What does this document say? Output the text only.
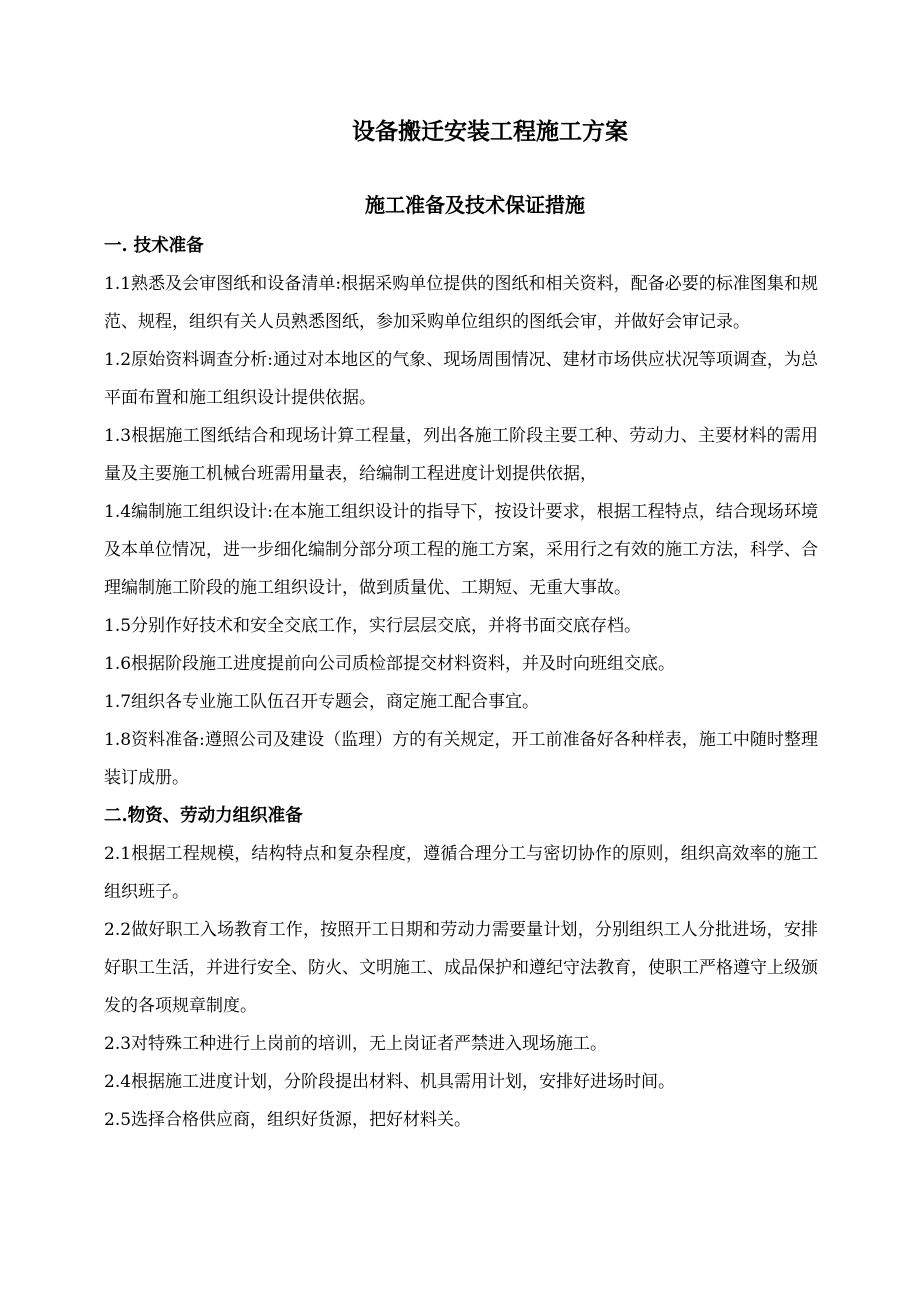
设备搬迁安装工程施工方案
施工准备及技术保证措施

一. 技术准备

1.1熟悉及会审图纸和设备清单:根据采购单位提供的图纸和相关资料，配备必要的标准图集和规范、规程，组织有关人员熟悉图纸，参加采购单位组织的图纸会审，并做好会审记录。

1.2原始资料调查分析:通过对本地区的气象、现场周围情况、建材市场供应状况等项调查，为总平面布置和施工组织设计提供依据。

1.3根据施工图纸结合和现场计算工程量，列出各施工阶段主要工种、劳动力、主要材料的需用量及主要施工机械台班需用量表，给编制工程进度计划提供依据，

1.4编制施工组织设计:在本施工组织设计的指导下，按设计要求，根据工程特点，结合现场环境及本单位情况，进一步细化编制分部分项工程的施工方案，采用行之有效的施工方法，科学、合理编制施工阶段的施工组织设计，做到质量优、工期短、无重大事故。

1.5分别作好技术和安全交底工作，实行层层交底，并将书面交底存档。

1.6根据阶段施工进度提前向公司质检部提交材料资料，并及时向班组交底。

1.7组织各专业施工队伍召开专题会，商定施工配合事宜。

1.8资料准备:遵照公司及建设（监理）方的有关规定，开工前准备好各种样表，施工中随时整理装订成册。

二.物资、劳动力组织准备

2.1根据工程规模，结构特点和复杂程度，遵循合理分工与密切协作的原则，组织高效率的施工组织班子。

2.2做好职工入场教育工作，按照开工日期和劳动力需要量计划，分别组织工人分批进场，安排好职工生活，并进行安全、防火、文明施工、成品保护和遵纪守法教育，使职工严格遵守上级颁发的各项规章制度。

2.3对特殊工种进行上岗前的培训，无上岗证者严禁进入现场施工。

2.4根据施工进度计划，分阶段提出材料、机具需用计划，安排好进场时间。

2.5选择合格供应商，组织好货源，把好材料关。
